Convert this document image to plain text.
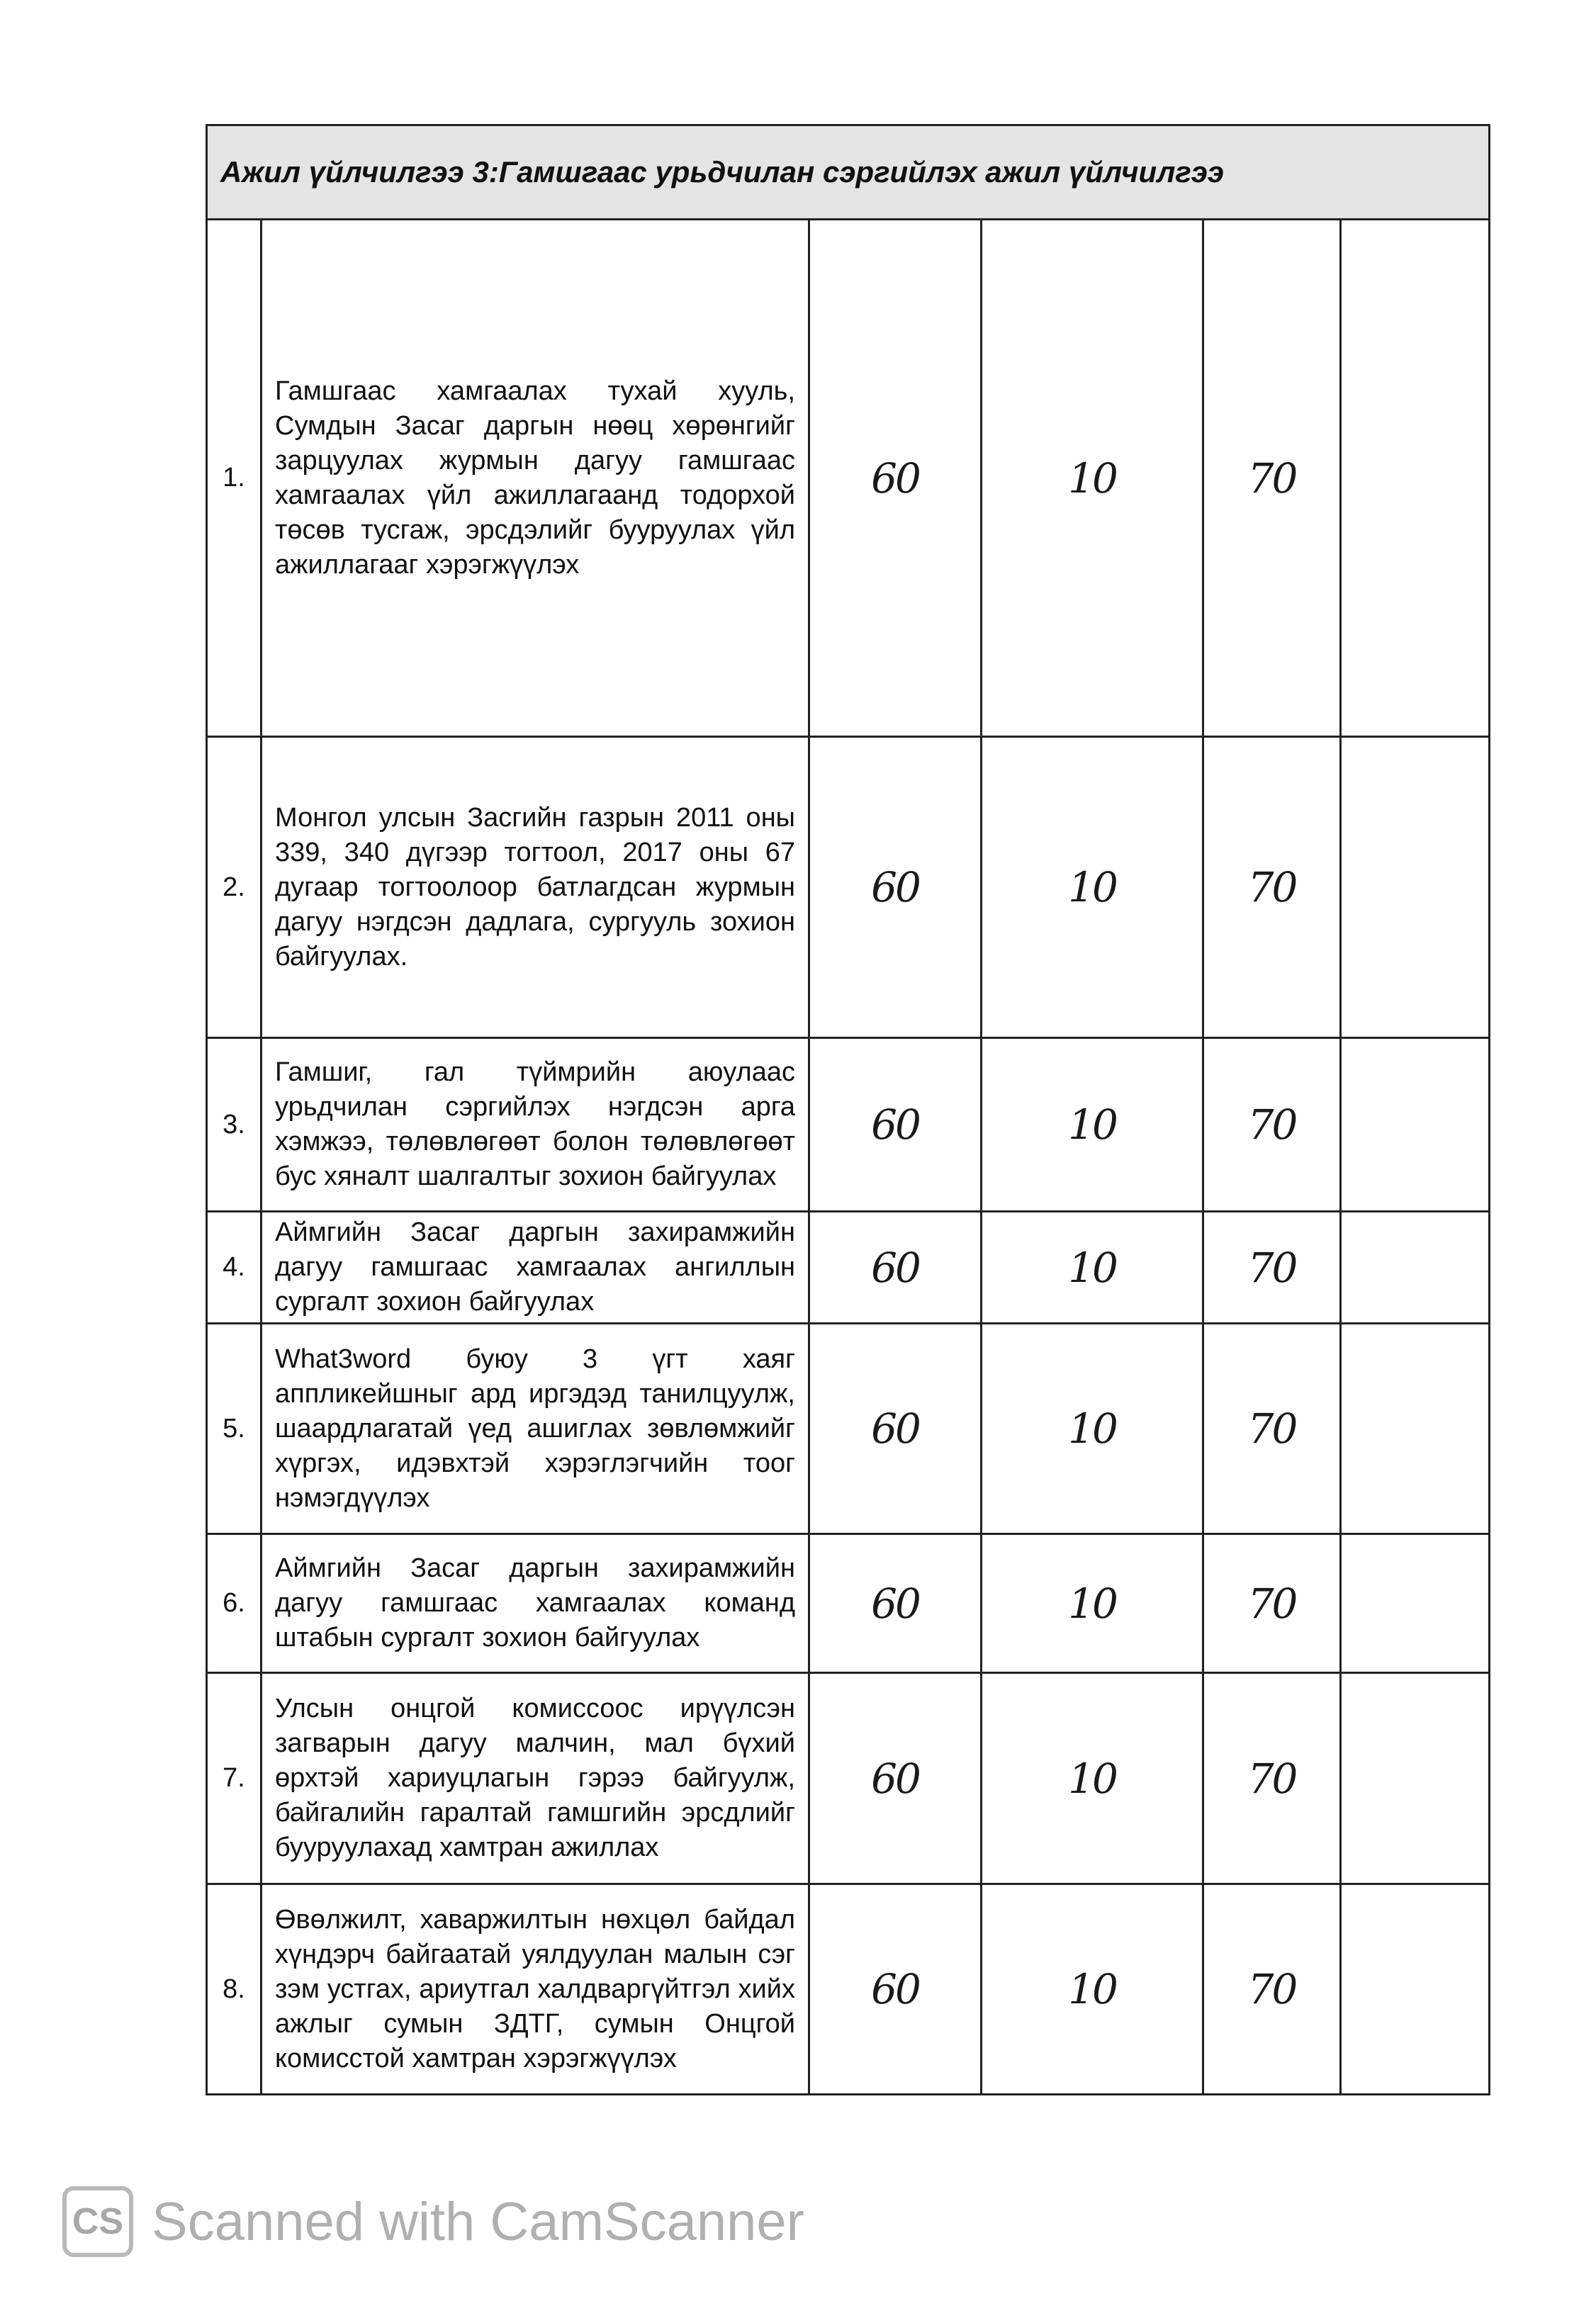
Ажил үйлчилгээ 3:Гамшгаас урьдчилан сэргийлэх ажил үйлчилгээ					
1.	Гамшгаас хамгаалах тухай хууль, Сумдын Засаг даргын нөөц хөрөнгийг зарцуулах журмын дагуу гамшгаас хамгаалах үйл ажиллагаанд тодорхой төсөв тусгаж, эрсдэлийг бууруулах үйл ажиллагааг хэрэгжүүлэх	60	10	70	
2.	Монгол улсын Засгийн газрын 2011 оны 339, 340 дүгээр тогтоол, 2017 оны 67 дугаар тогтоолоор батлагдсан журмын дагуу нэгдсэн дадлага, сургууль зохион байгуулах.	60	10	70	
3.	Гамшиг, гал түймрийн аюулаас урьдчилан сэргийлэх нэгдсэн арга хэмжээ, төлөвлөгөөт болон төлөвлөгөөт бус хяналт шалгалтыг зохион байгуулах	60	10	70	
4.	Аймгийн Засаг даргын захирамжийн дагуу гамшгаас хамгаалах ангиллын сургалт зохион байгуулах	60	10	70	
5.	What3word буюу 3 үгт хаяг аппликейшныг ард иргэдэд танилцуулж, шаардлагатай үед ашиглах зөвлөмжийг хүргэх, идэвхтэй хэрэглэгчийн тоог нэмэгдүүлэх	60	10	70	
6.	Аймгийн Засаг даргын захирамжийн дагуу гамшгаас хамгаалах команд штабын сургалт зохион байгуулах	60	10	70	
7.	Улсын онцгой комиссоос ирүүлсэн загварын дагуу малчин, мал бүхий өрхтэй хариуцлагын гэрээ байгуулж, байгалийн гаралтай гамшгийн эрсдлийг бууруулахад хамтран ажиллах	60	10	70	
8.	Өвөлжилт, хаваржилтын нөхцөл байдал хүндэрч байгаатай уялдуулан малын сэг зэм устгах, ариутгал халдваргүйтгэл хийх ажлыг сумын ЗДТГ, сумын Онцгой комисстой хамтран хэрэгжүүлэх	60	10	70	
CS Scanned with CamScanner
